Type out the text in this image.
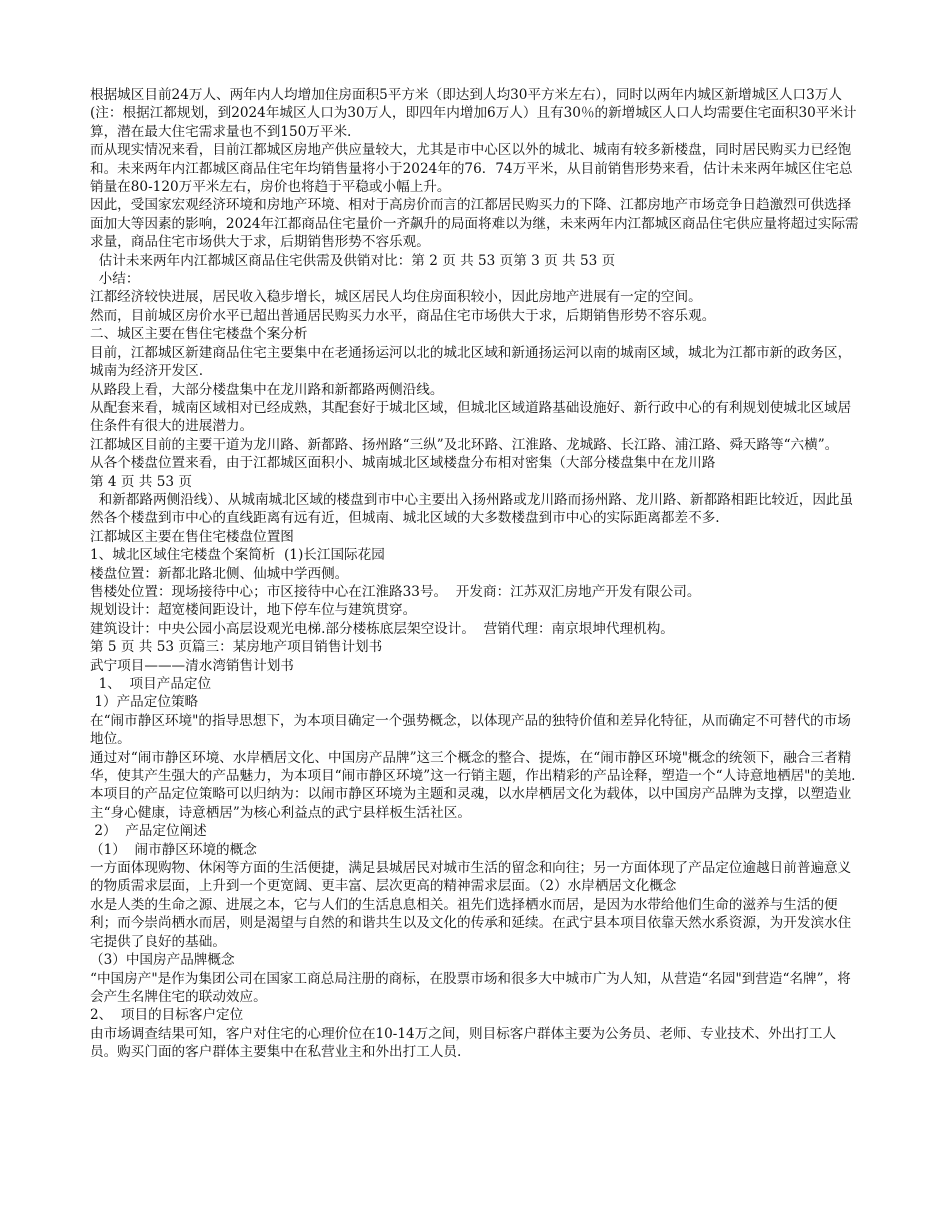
根据城区目前24万人、两年内人均增加住房面积5平方米（即达到人均30平方米左右），同时以两年内城区新增城区人口3万人(注：根据江都规划，到2024年城区人口为30万人，即四年内增加6万人）且有30％的新增城区人口人均需要住宅面积30平米计算，潜在最大住宅需求量也不到150万平米.
而从现实情况来看，目前江都城区房地产供应量较大，尤其是市中心区以外的城北、城南有较多新楼盘，同时居民购买力已经饱和。未来两年内江都城区商品住宅年均销售量将小于2024年的76．74万平米，从目前销售形势来看，估计未来两年城区住宅总销量在80-120万平米左右，房价也将趋于平稳或小幅上升。
因此，受国家宏观经济环境和房地产环境、相对于高房价而言的江都居民购买力的下降、江都房地产市场竞争日趋激烈可供选择面加大等因素的影响，2024年江都商品住宅量价一齐飙升的局面将难以为继，未来两年内江都城区商品住宅供应量将超过实际需求量，商品住宅市场供大于求，后期销售形势不容乐观。
估计未来两年内江都城区商品住宅供需及供销对比：第 2 页 共 53 页第 3 页 共 53 页
小结：
江都经济较快进展，居民收入稳步增长，城区居民人均住房面积较小，因此房地产进展有一定的空间。
然而，目前城区房价水平已超出普通居民购买力水平，商品住宅市场供大于求，后期销售形势不容乐观。
二、城区主要在售住宅楼盘个案分析
目前，江都城区新建商品住宅主要集中在老通扬运河以北的城北区域和新通扬运河以南的城南区域，城北为江都市新的政务区，城南为经济开发区.
从路段上看，大部分楼盘集中在龙川路和新都路两侧沿线。
从配套来看，城南区域相对已经成熟，其配套好于城北区域，但城北区域道路基础设施好、新行政中心的有利规划使城北区域居住条件有很大的进展潜力。
江都城区目前的主要干道为龙川路、新都路、扬州路“三纵”及北环路、江淮路、龙城路、长江路、浦江路、舜天路等“六横”。  从各个楼盘位置来看，由于江都城区面积小、城南城北区域楼盘分布相对密集（大部分楼盘集中在龙川路
第 4 页 共 53 页
和新都路两侧沿线）、从城南城北区域的楼盘到市中心主要出入扬州路或龙川路而扬州路、龙川路、新都路相距比较近，因此虽然各个楼盘到市中心的直线距离有远有近，但城南、城北区域的大多数楼盘到市中心的实际距离都差不多.
江都城区主要在售住宅楼盘位置图
1、城北区域住宅楼盘个案简析  (1)长江国际花园
楼盘位置：新都北路北侧、仙城中学西侧。
售楼处位置：现场接待中心；市区接待中心在江淮路33号。  开发商：江苏双汇房地产开发有限公司。
规划设计：超宽楼间距设计，地下停车位与建筑贯穿。
建筑设计：中央公园小高层设观光电梯.部分楼栋底层架空设计。  营销代理：南京垠坤代理机构。
第 5 页 共 53 页篇三：某房地产项目销售计划书
武宁项目———清水湾销售计划书
1、  项目产品定位
1）产品定位策略
在“闹市静区环境"的指导思想下，为本项目确定一个强势概念，以体现产品的独特价值和差异化特征，从而确定不可替代的市场地位。
通过对“闹市静区环境、水岸栖居文化、中国房产品牌”这三个概念的整合、提炼，在“闹市静区环境"概念的统领下，融合三者精华，使其产生强大的产品魅力，为本项目“闹市静区环境”这一行销主题，作出精彩的产品诠释，塑造一个“人诗意地栖居"的美地.
本项目的产品定位策略可以归纳为：以闹市静区环境为主题和灵魂，以水岸栖居文化为载体，以中国房产品牌为支撑，以塑造业主“身心健康，诗意栖居”为核心利益点的武宁县样板生活社区。
2）  产品定位阐述
（1）  闹市静区环境的概念
一方面体现购物、休闲等方面的生活便捷，满足县城居民对城市生活的留念和向往；另一方面体现了产品定位逾越日前普遍意义的物质需求层面，上升到一个更宽阔、更丰富、层次更高的精神需求层面。（2）水岸栖居文化概念
水是人类的生命之源、进展之本，它与人们的生活息息相关。祖先们选择栖水而居，是因为水带给他们生命的滋养与生活的便利；而今崇尚栖水而居，则是渴望与自然的和谐共生以及文化的传承和延续。在武宁县本项目依靠天然水系资源，为开发滨水住宅提供了良好的基础。
（3）中国房产品牌概念
“中国房产"是作为集团公司在国家工商总局注册的商标，在股票市场和很多大中城市广为人知，从营造“名园"到营造“名牌”，将会产生名牌住宅的联动效应。
2、  项目的目标客户定位
由市场调查结果可知，客户对住宅的心理价位在10-14万之间，则目标客户群体主要为公务员、老师、专业技术、外出打工人员。购买门面的客户群体主要集中在私营业主和外出打工人员.
